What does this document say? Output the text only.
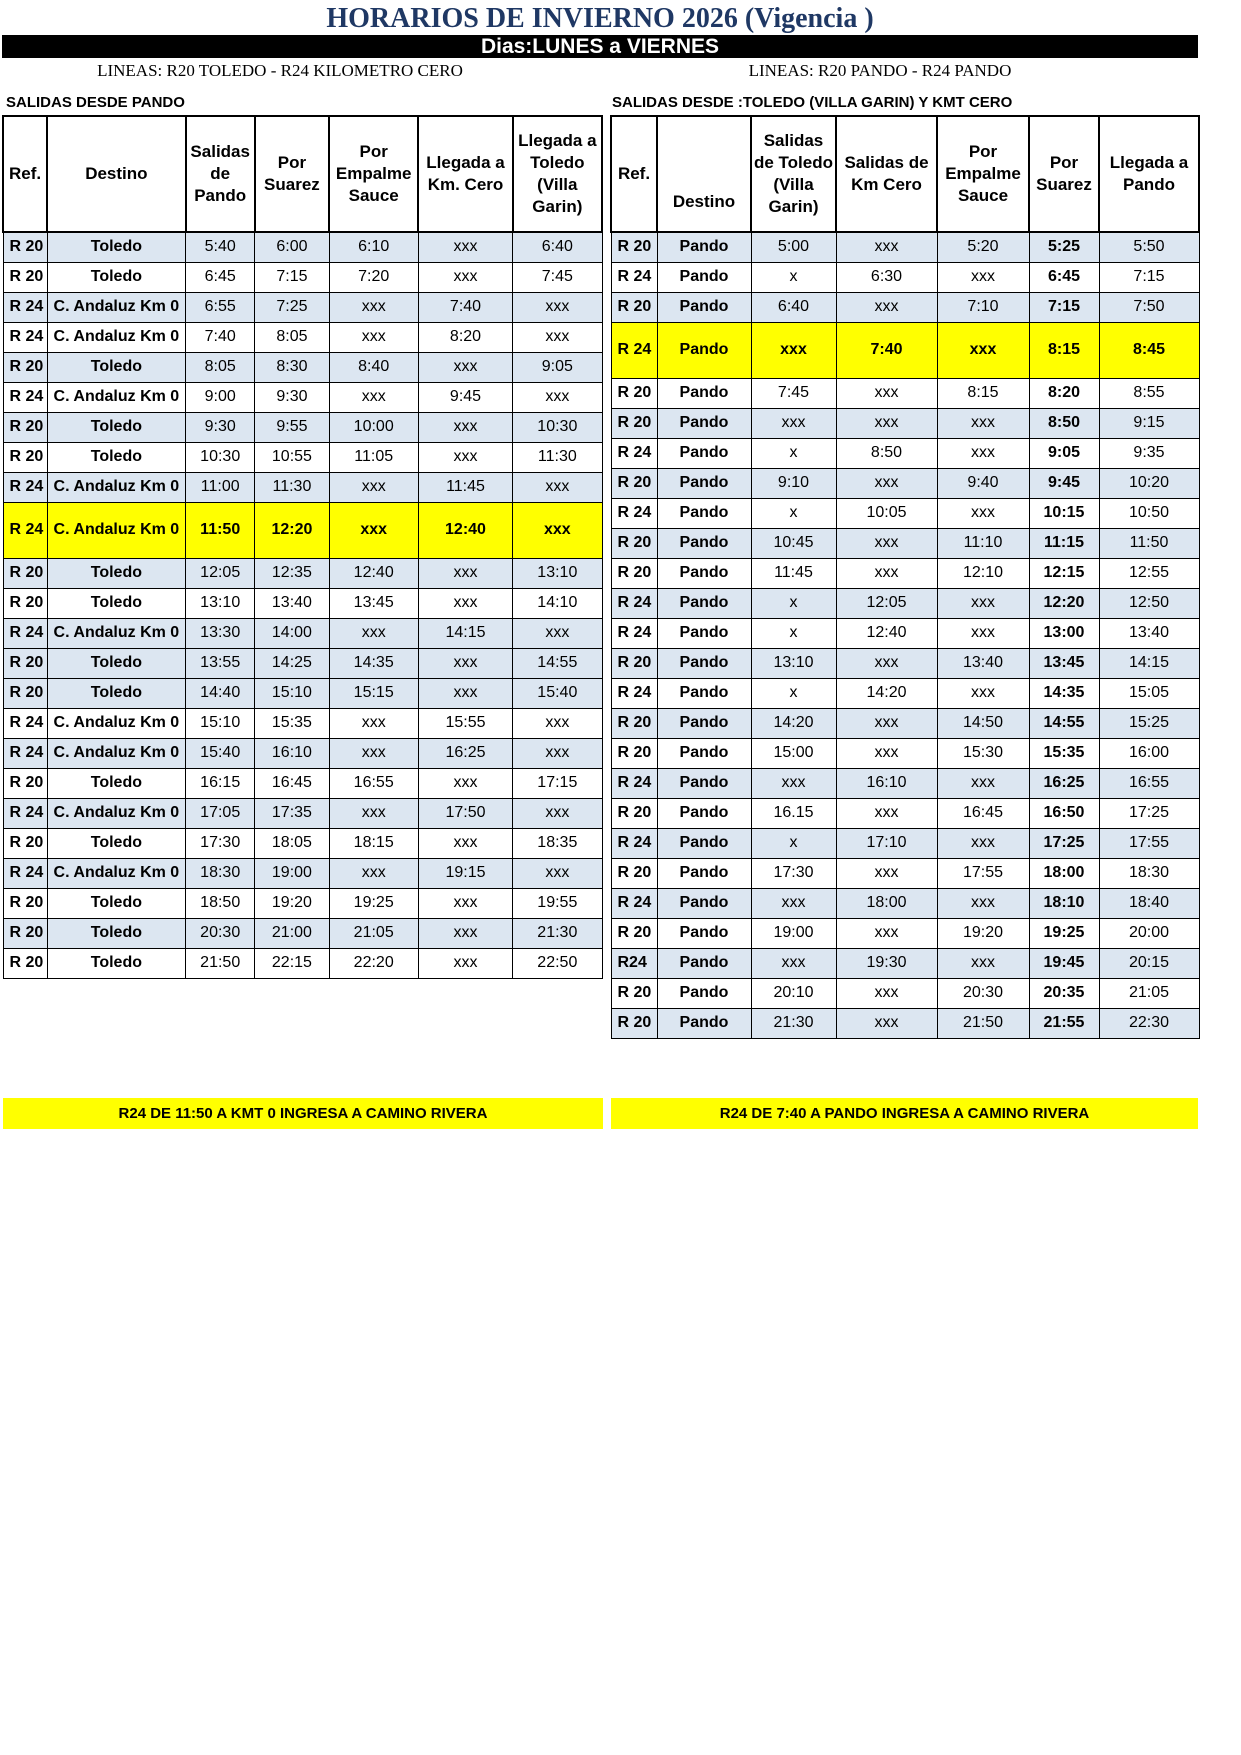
HORARIOS DE INVIERNO 2026 (Vigencia )
Dias:LUNES a VIERNES
LINEAS: R20 TOLEDO - R24 KILOMETRO CERO	LINEAS: R20 PANDO - R24 PANDO
SALIDAS DESDE PANDO	SALIDAS DESDE :TOLEDO (VILLA GARIN) Y KMT CERO
Ref.	Destino	Salidas de Pando	Por Suarez	Por Empalme Sauce	Llegada a Km. Cero	Llegada a Toledo (Villa Garin)
R 20	Toledo	5:40	6:00	6:10	xxx	6:40
R 20	Toledo	6:45	7:15	7:20	xxx	7:45
R 24	C. Andaluz Km 0	6:55	7:25	xxx	7:40	xxx
R 24	C. Andaluz Km 0	7:40	8:05	xxx	8:20	xxx
R 20	Toledo	8:05	8:30	8:40	xxx	9:05
R 24	C. Andaluz Km 0	9:00	9:30	xxx	9:45	xxx
R 20	Toledo	9:30	9:55	10:00	xxx	10:30
R 20	Toledo	10:30	10:55	11:05	xxx	11:30
R 24	C. Andaluz Km 0	11:00	11:30	xxx	11:45	xxx
R 24	C. Andaluz Km 0	11:50	12:20	xxx	12:40	xxx
R 20	Toledo	12:05	12:35	12:40	xxx	13:10
R 20	Toledo	13:10	13:40	13:45	xxx	14:10
R 24	C. Andaluz Km 0	13:30	14:00	xxx	14:15	xxx
R 20	Toledo	13:55	14:25	14:35	xxx	14:55
R 20	Toledo	14:40	15:10	15:15	xxx	15:40
R 24	C. Andaluz Km 0	15:10	15:35	xxx	15:55	xxx
R 24	C. Andaluz Km 0	15:40	16:10	xxx	16:25	xxx
R 20	Toledo	16:15	16:45	16:55	xxx	17:15
R 24	C. Andaluz Km 0	17:05	17:35	xxx	17:50	xxx
R 20	Toledo	17:30	18:05	18:15	xxx	18:35
R 24	C. Andaluz Km 0	18:30	19:00	xxx	19:15	xxx
R 20	Toledo	18:50	19:20	19:25	xxx	19:55
R 20	Toledo	20:30	21:00	21:05	xxx	21:30
R 20	Toledo	21:50	22:15	22:20	xxx	22:50
Ref.	Destino	Salidas de Toledo (Villa Garin)	Salidas de Km Cero	Por Empalme Sauce	Por Suarez	Llegada a Pando
R 20	Pando	5:00	xxx	5:20	5:25	5:50
R 24	Pando	x	6:30	xxx	6:45	7:15
R 20	Pando	6:40	xxx	7:10	7:15	7:50
R 24	Pando	xxx	7:40	xxx	8:15	8:45
R 20	Pando	7:45	xxx	8:15	8:20	8:55
R 20	Pando	xxx	xxx	xxx	8:50	9:15
R 24	Pando	x	8:50	xxx	9:05	9:35
R 20	Pando	9:10	xxx	9:40	9:45	10:20
R 24	Pando	x	10:05	xxx	10:15	10:50
R 20	Pando	10:45	xxx	11:10	11:15	11:50
R 20	Pando	11:45	xxx	12:10	12:15	12:55
R 24	Pando	x	12:05	xxx	12:20	12:50
R 24	Pando	x	12:40	xxx	13:00	13:40
R 20	Pando	13:10	xxx	13:40	13:45	14:15
R 24	Pando	x	14:20	xxx	14:35	15:05
R 20	Pando	14:20	xxx	14:50	14:55	15:25
R 20	Pando	15:00	xxx	15:30	15:35	16:00
R 24	Pando	xxx	16:10	xxx	16:25	16:55
R 20	Pando	16.15	xxx	16:45	16:50	17:25
R 24	Pando	x	17:10	xxx	17:25	17:55
R 20	Pando	17:30	xxx	17:55	18:00	18:30
R 24	Pando	xxx	18:00	xxx	18:10	18:40
R 20	Pando	19:00	xxx	19:20	19:25	20:00
R24	Pando	xxx	19:30	xxx	19:45	20:15
R 20	Pando	20:10	xxx	20:30	20:35	21:05
R 20	Pando	21:30	xxx	21:50	21:55	22:30
R24 DE 11:50 A KMT 0 INGRESA A CAMINO RIVERA	R24 DE 7:40 A PANDO INGRESA A CAMINO RIVERA
